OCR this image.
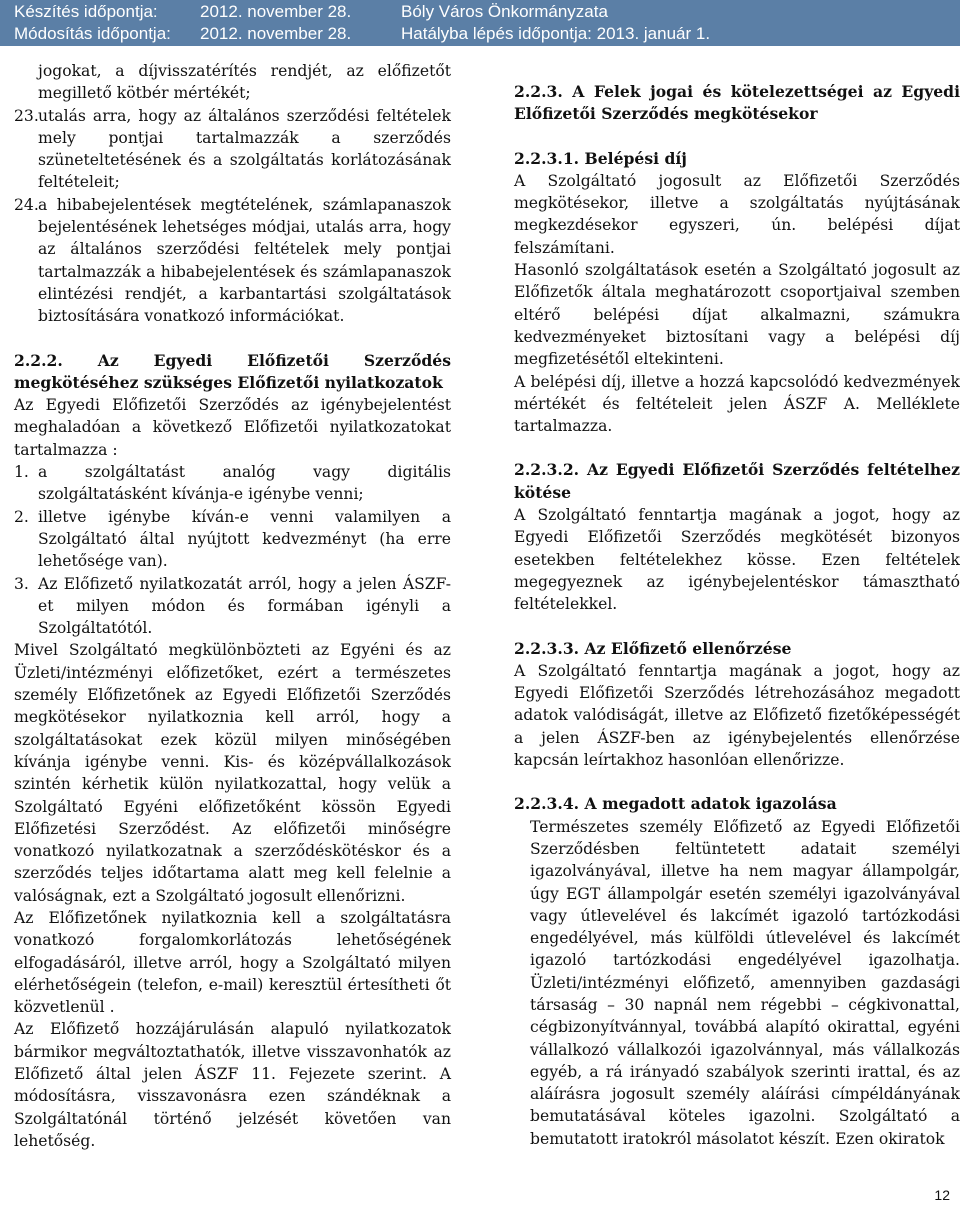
Készítés időpontja: 2012. november 28.	Bóly Város Önkormányzata
Módosítás időpontja: 2012. november 28.	Hatályba lépés időpontja: 2013. január 1.

jogokat, a díjvisszatérítés rendjét, az előfizetőt megillető kötbér mértékét;

23. utalás arra, hogy az általános szerződési feltételek mely pontjai tartalmazzák a szerződés szüneteltetésének és a szolgáltatás korlátozásának feltételeit;
24. a hibabejelentések megtételének, számlapanaszok bejelentésének lehetséges módjai, utalás arra, hogy az általános szerződési feltételek mely pontjai tartalmazzák a hibabejelentések és számlapanaszok elintézési rendjét, a karbantartási szolgáltatások biztosítására vonatkozó információkat.

2.2.2. Az Egyedi Előfizetői Szerződés megkötéséhez szükséges Előfizetői nyilatkozatok

Az Egyedi Előfizetői Szerződés az igénybejelentést meghaladóan a következő Előfizetői nyilatkozatokat tartalmazza :

1. a szolgáltatást analóg vagy digitális szolgáltatásként kívánja-e igénybe venni;
2. illetve igénybe kíván-e venni valamilyen a Szolgáltató által nyújtott kedvezményt (ha erre lehetősége van).
3. Az Előfizető nyilatkozatát arról, hogy a jelen ÁSZF-et milyen módon és formában igényli a Szolgáltatótól.

Mivel Szolgáltató megkülönbözteti az Egyéni és az Üzleti/intézményi előfizetőket, ezért a természetes személy Előfizetőnek az Egyedi Előfizetői Szerződés megkötésekor nyilatkoznia kell arról, hogy a szolgáltatásokat ezek közül milyen minőségében kívánja igénybe venni. Kis- és középvállalkozások szintén kérhetik külön nyilatkozattal, hogy velük a Szolgáltató Egyéni előfizetőként kössön Egyedi Előfizetési Szerződést. Az előfizetői minőségre vonatkozó nyilatkozatnak a szerződéskötéskor és a szerződés teljes időtartama alatt meg kell felelnie a valóságnak, ezt a Szolgáltató jogosult ellenőrizni.

Az Előfizetőnek nyilatkoznia kell a szolgáltatásra vonatkozó forgalomkorlátozás lehetőségének elfogadásáról, illetve arról, hogy a Szolgáltató milyen elérhetőségein (telefon, e-mail) keresztül értesítheti őt közvetlenül .

Az Előfizető hozzájárulásán alapuló nyilatkozatok bármikor megváltoztathatók, illetve visszavonhatók az Előfizető által jelen ÁSZF 11. Fejezete szerint. A módosításra, visszavonásra ezen szándéknak a Szolgáltatónál történő jelzését követően van lehetőség.

2.2.3. A Felek jogai és kötelezettségei az Egyedi Előfizetői Szerződés megkötésekor

2.2.3.1. Belépési díj

A Szolgáltató jogosult az Előfizetői Szerződés megkötésekor, illetve a szolgáltatás nyújtásának megkezdésekor egyszeri, ún. belépési díjat felszámítani.

Hasonló szolgáltatások esetén a Szolgáltató jogosult az Előfizetők általa meghatározott csoportjaival szemben eltérő belépési díjat alkalmazni, számukra kedvezményeket biztosítani vagy a belépési díj megfizetésétől eltekinteni.

A belépési díj, illetve a hozzá kapcsolódó kedvezmények mértékét és feltételeit jelen ÁSZF A. Melléklete tartalmazza.

2.2.3.2. Az Egyedi Előfizetői Szerződés feltételhez kötése

A Szolgáltató fenntartja magának a jogot, hogy az Egyedi Előfizetői Szerződés megkötését bizonyos esetekben feltételekhez kösse. Ezen feltételek megegyeznek az igénybejelentéskor támasztható feltételekkel.

2.2.3.3. Az Előfizető ellenőrzése

A Szolgáltató fenntartja magának a jogot, hogy az Egyedi Előfizetői Szerződés létrehozásához megadott adatok valódiságát, illetve az Előfizető fizetőképességét a jelen ÁSZF-ben az igénybejelentés ellenőrzése kapcsán leírtakhoz hasonlóan ellenőrizze.

2.2.3.4. A megadott adatok igazolása

Természetes személy Előfizető az Egyedi Előfizetői Szerződésben feltüntetett adatait személyi igazolványával, illetve ha nem magyar állampolgár, úgy EGT állampolgár esetén személyi igazolványával vagy útlevelével és lakcímét igazoló tartózkodási engedélyével, más külföldi útlevelével és lakcímét igazoló tartózkodási engedélyével igazolhatja. Üzleti/intézményi előfizető, amennyiben gazdasági társaság – 30 napnál nem régebbi – cégkivonattal, cégbizonyítvánnyal, továbbá alapító okirattal, egyéni vállalkozó vállalkozói igazolvánnyal, más vállalkozás egyéb, a rá irányadó szabályok szerinti irattal, és az aláírásra jogosult személy aláírási címpéldányának bemutatásával köteles igazolni. Szolgáltató a bemutatott iratokról másolatot készít. Ezen okiratok

12
